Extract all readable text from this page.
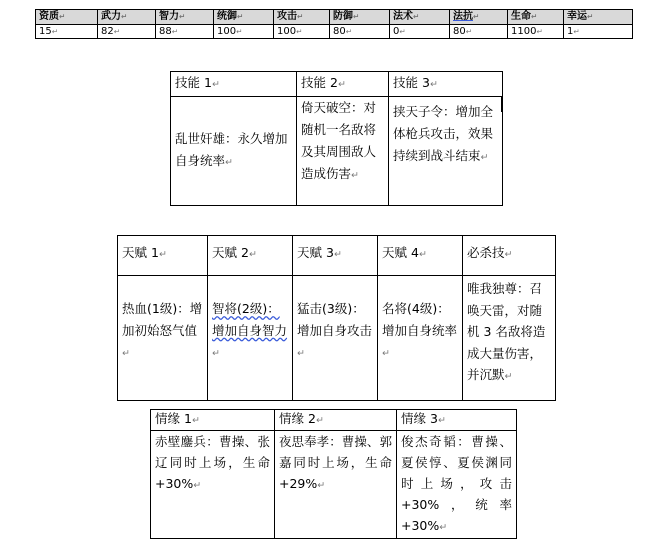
资质↵	武力↵	智力↵	统御↵	攻击↵	防御↵	法术↵	法抗↵	生命↵	幸运↵
15↵	82↵	88↵	100↵	100↵	80↵	0↵	80↵	1100↵	1↵
技能 1↵	技能 2↵	技能 3↵
乱世奸雄：永久增加自身统率↵	倚天破空：对随机一名敌将及其周围敌人造成伤害↵	挟天子令：增加全体枪兵攻击，效果持续到战斗结束↵
天赋 1↵	天赋 2↵	天赋 3↵	天赋 4↵	必杀技↵
热血(1级)：增加初始怒气值↵	智将(2级)：增加自身智力↵	猛击(3级)：增加自身攻击↵	名将(4级)：增加自身统率↵	唯我独尊：召唤天雷，对随机 3 名敌将造成大量伤害，并沉默↵
情缘 1↵	情缘 2↵	情缘 3↵
赤壁鏖兵：曹操、张辽同时上场，生命+30%↵	夜思奉孝：曹操、郭嘉同时上场，生命+29%↵	俊杰奇韬：曹操、夏侯惇、夏侯渊同时上场，攻击+30%，统率+30%↵
